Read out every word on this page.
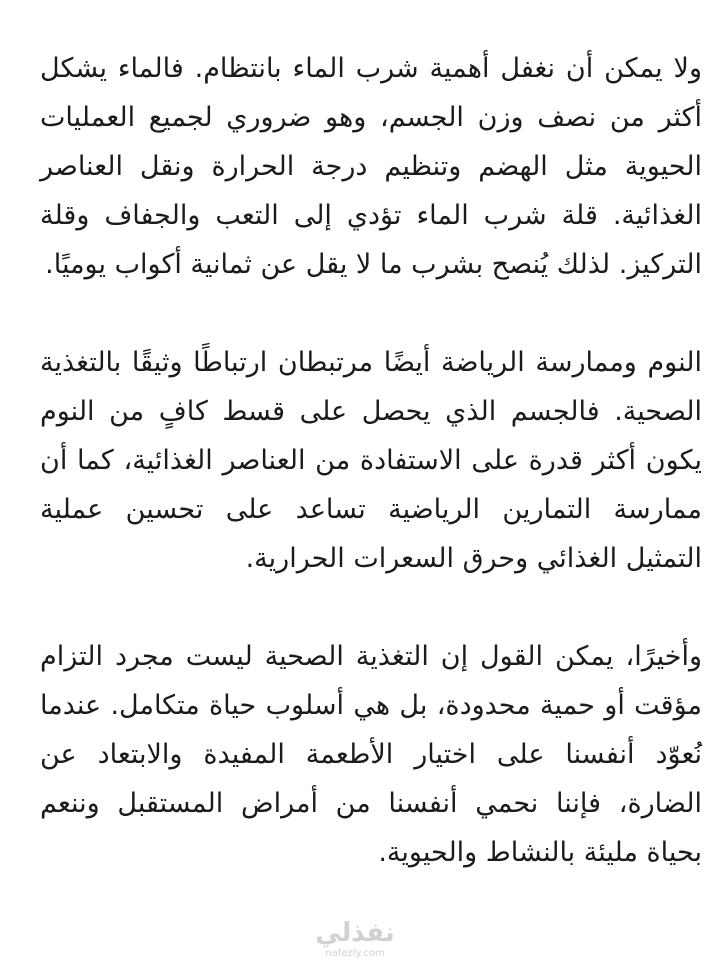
ولا يمكن أن نغفل أهمية شرب الماء بانتظام. فالماء يشكل أكثر من نصف وزن الجسم، وهو ضروري لجميع العمليات الحيوية مثل الهضم وتنظيم درجة الحرارة ونقل العناصر الغذائية. قلة شرب الماء تؤدي إلى التعب والجفاف وقلة التركيز. لذلك يُنصح بشرب ما لا يقل عن ثمانية أكواب يوميًا.

النوم وممارسة الرياضة أيضًا مرتبطان ارتباطًا وثيقًا بالتغذية الصحية. فالجسم الذي يحصل على قسط كافٍ من النوم يكون أكثر قدرة على الاستفادة من العناصر الغذائية، كما أن ممارسة التمارين الرياضية تساعد على تحسين عملية التمثيل الغذائي وحرق السعرات الحرارية.

وأخيرًا، يمكن القول إن التغذية الصحية ليست مجرد التزام مؤقت أو حمية محدودة، بل هي أسلوب حياة متكامل. عندما نُعوّد أنفسنا على اختيار الأطعمة المفيدة والابتعاد عن الضارة، فإننا نحمي أنفسنا من أمراض المستقبل وننعم بحياة مليئة بالنشاط والحيوية.

نفذلي
nafezly.com
